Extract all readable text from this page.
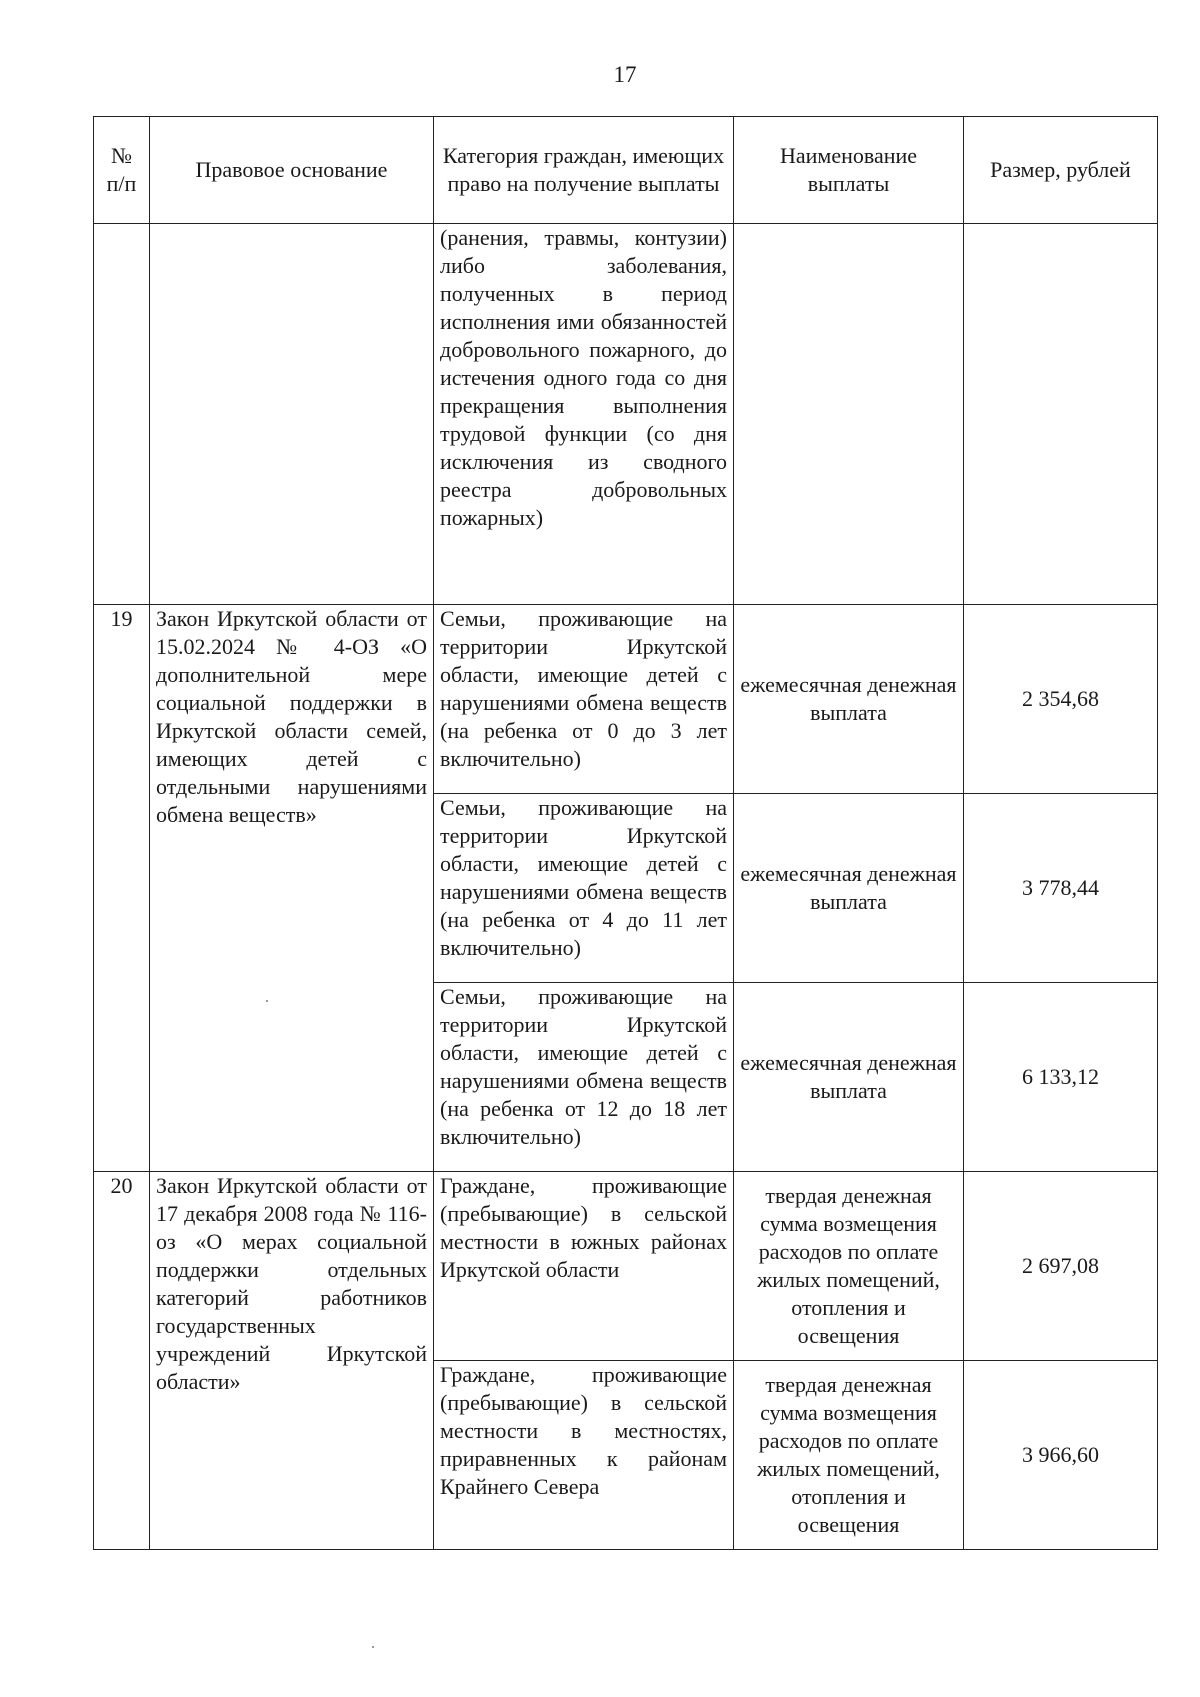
17
№ п/п	Правовое основание	Категория граждан, имеющих право на получение выплаты	Наименование выплаты	Размер, рублей
		(ранения, травмы, контузии) либо заболевания, полученных в период исполнения ими обязанностей добровольного пожарного, до истечения одного года со дня прекращения выполнения трудовой функции (со дня исключения из сводного реестра добровольных пожарных)		
19	Закон Иркутской области от 15.02.2024 № 4-ОЗ «О дополнительной мере социальной поддержки в Иркутской области семей, имеющих детей с отдельными нарушениями обмена веществ»	Семьи, проживающие на территории Иркутской области, имеющие детей с нарушениями обмена веществ (на ребенка от 0 до 3 лет включительно)	ежемесячная денежная выплата	2 354,68
		Семьи, проживающие на территории Иркутской области, имеющие детей с нарушениями обмена веществ (на ребенка от 4 до 11 лет включительно)	ежемесячная денежная выплата	3 778,44
		Семьи, проживающие на территории Иркутской области, имеющие детей с нарушениями обмена веществ (на ребенка от 12 до 18 лет включительно)	ежемесячная денежная выплата	6 133,12
20	Закон Иркутской области от 17 декабря 2008 года № 116-оз «О мерах социальной поддержки отдельных категорий работников государственных учреждений Иркутской области»	Граждане, проживающие (пребывающие) в сельской местности в южных районах Иркутской области	твердая денежная сумма возмещения расходов по оплате жилых помещений, отопления и освещения	2 697,08
		Граждане, проживающие (пребывающие) в сельской местности в местностях, приравненных к районам Крайнего Севера	твердая денежная сумма возмещения расходов по оплате жилых помещений, отопления и освещения	3 966,60
